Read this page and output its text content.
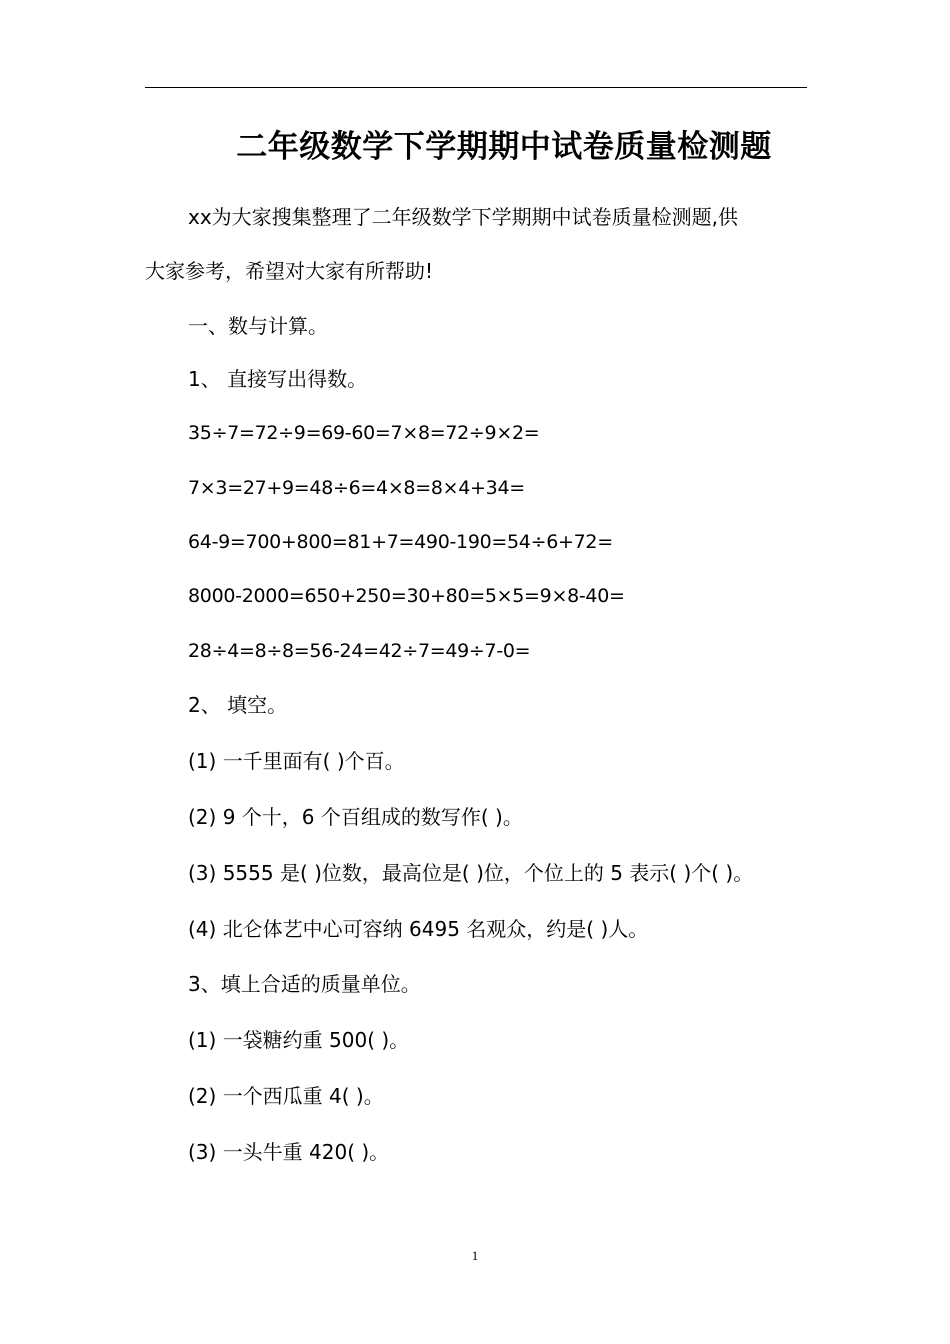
二年级数学下学期期中试卷质量检测题
xx为大家搜集整理了二年级数学下学期期中试卷质量检测题,供
大家参考，希望对大家有所帮助!
一、数与计算。
1、 直接写出得数。
35÷7=72÷9=69-60=7×8=72÷9×2=
7×3=27+9=48÷6=4×8=8×4+34=
64-9=700+800=81+7=490-190=54÷6+72=
8000-2000=650+250=30+80=5×5=9×8-40=
28÷4=8÷8=56-24=42÷7=49÷7-0=
2、 填空。
(1) 一千里面有( )个百。
(2) 9 个十，6 个百组成的数写作( )。
(3) 5555 是( )位数，最高位是( )位，个位上的 5 表示( )个( )。
(4) 北仑体艺中心可容纳 6495 名观众，约是( )人。
3、填上合适的质量单位。
(1) 一袋糖约重 500( )。
(2) 一个西瓜重 4( )。
(3) 一头牛重 420( )。
1
